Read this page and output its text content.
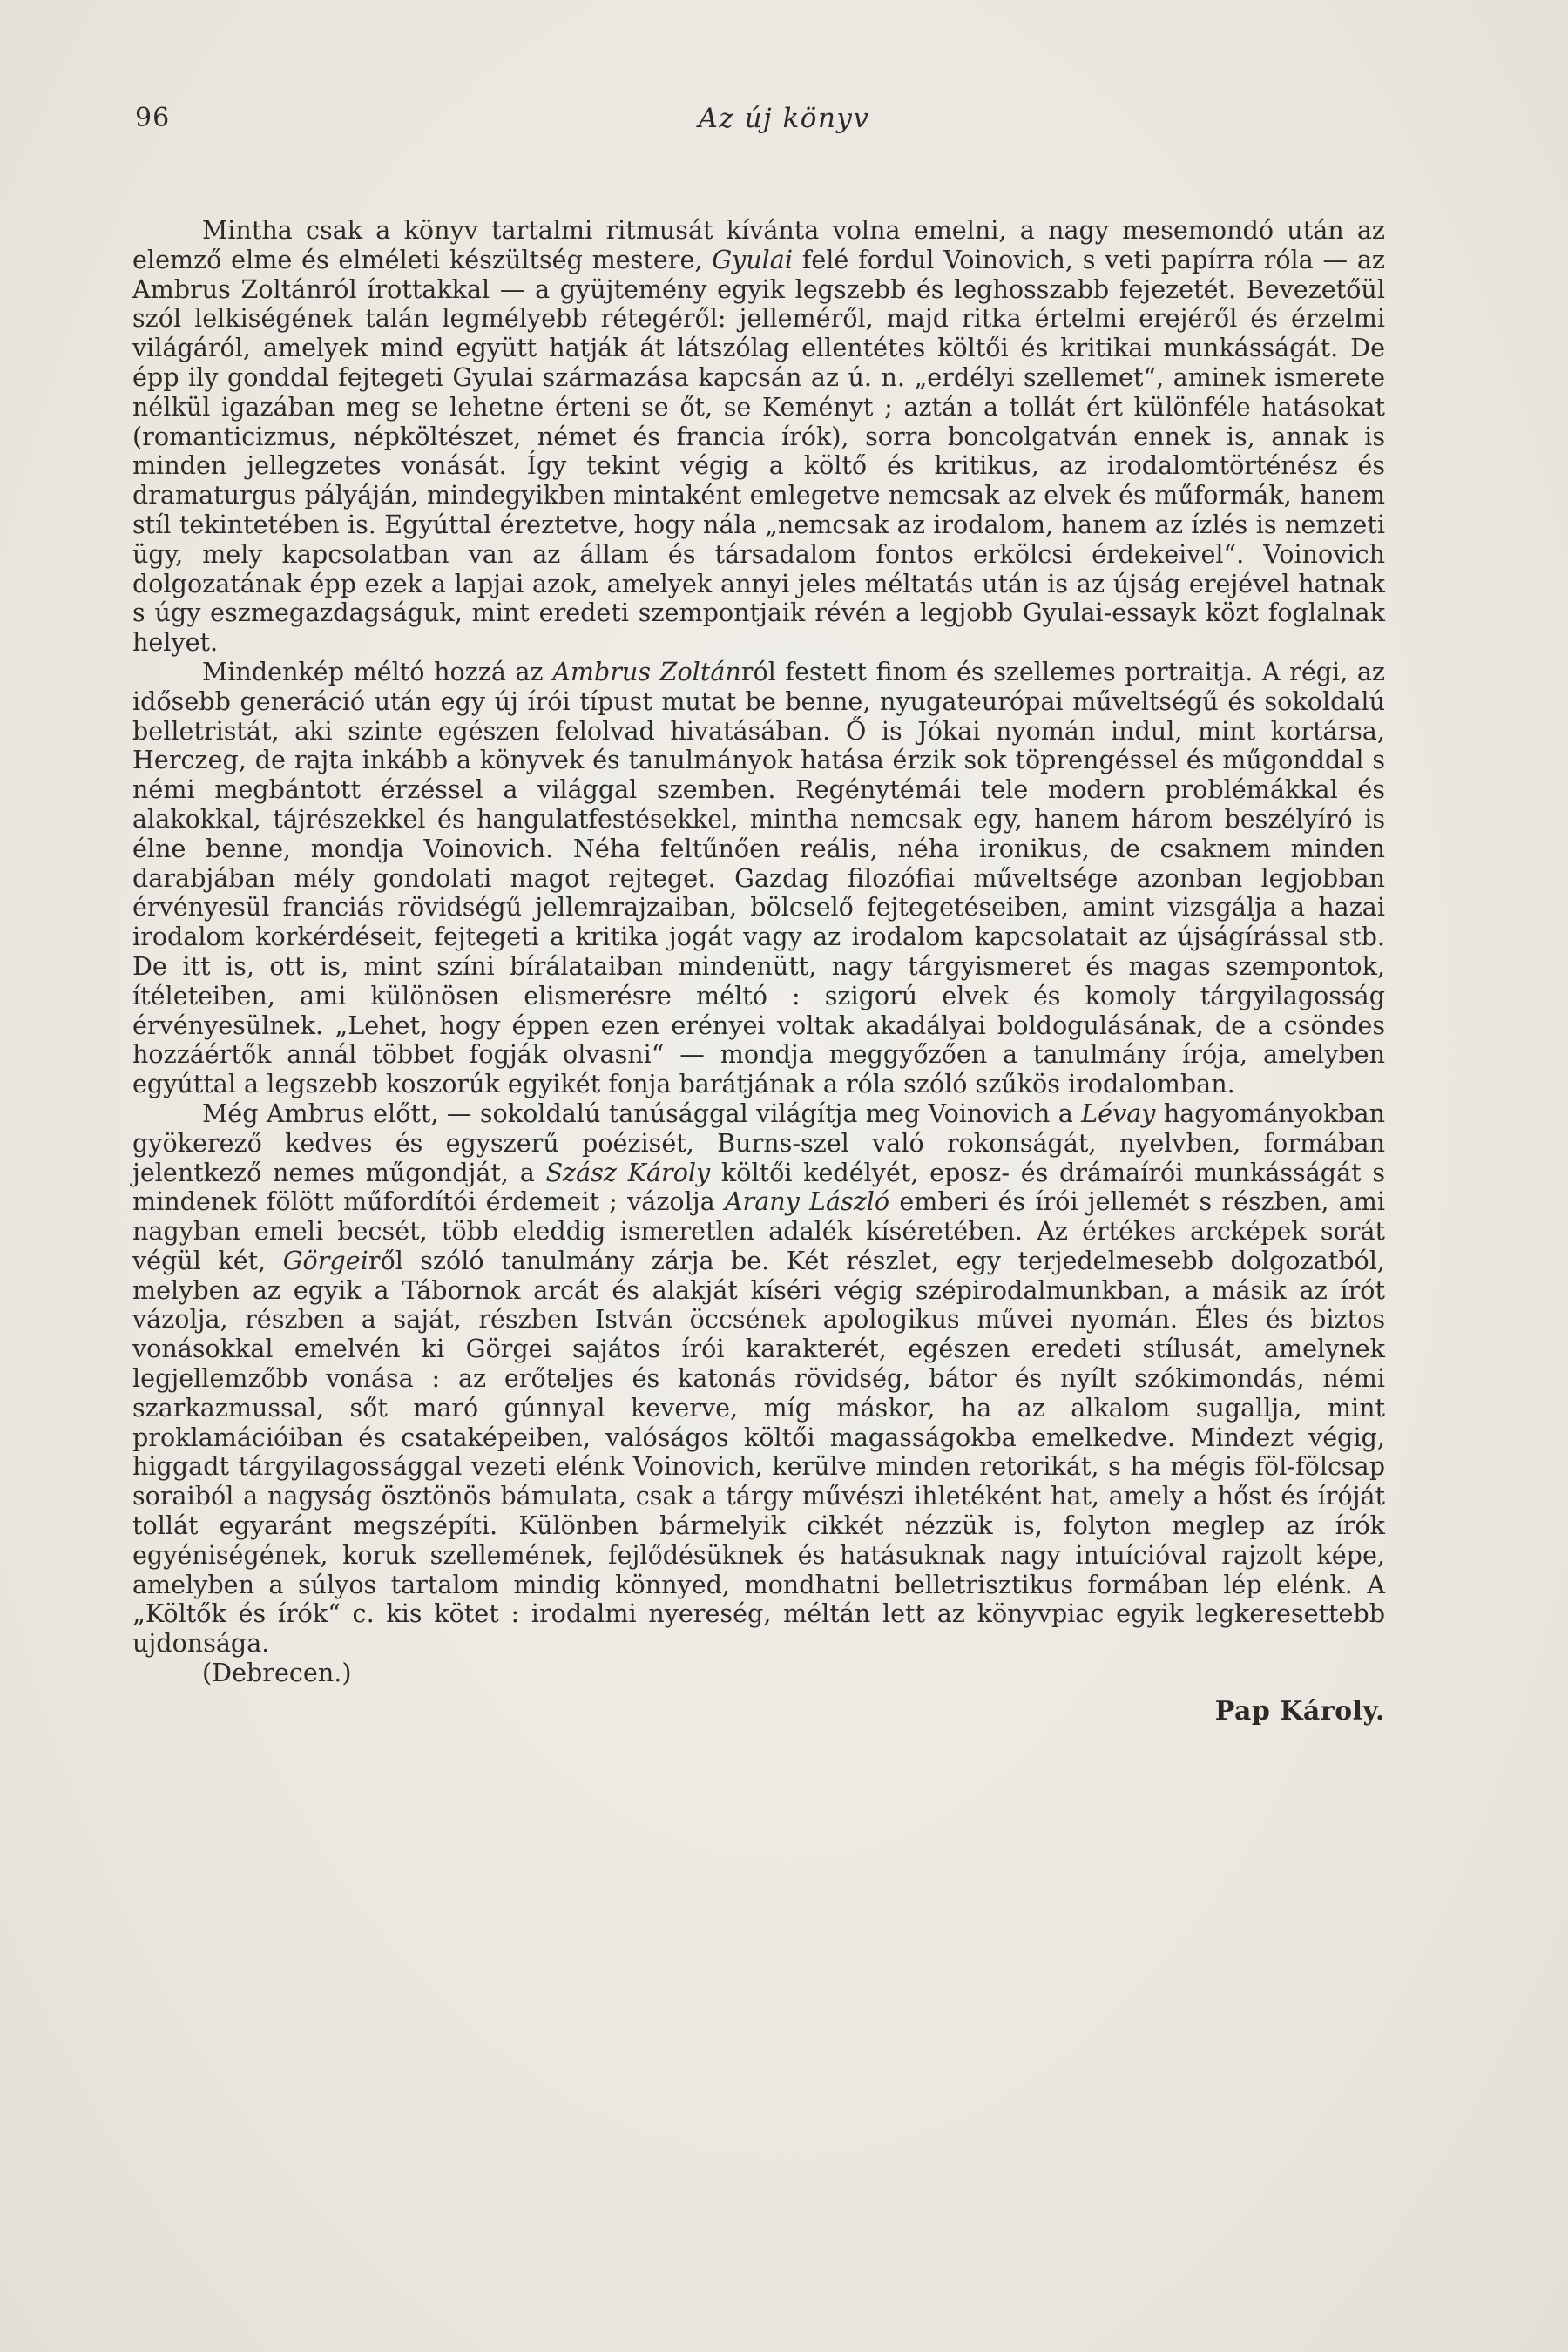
96	Az új könyv

Mintha csak a könyv tartalmi ritmusát kívánta volna emelni, a nagy mesemondó után az elemző elme és elméleti készültség mestere, Gyulai felé fordul Voinovich, s veti papírra róla — az Ambrus Zoltánról írottakkal — a gyüjtemény egyik legszebb és leghosszabb fejezetét. Bevezetőül szól lelkiségének talán legmélyebb rétegéről: jelleméről, majd ritka értelmi erejéről és érzelmi világáról, amelyek mind együtt hatják át látszólag ellentétes költői és kritikai munkásságát. De épp ily gonddal fejtegeti Gyulai származása kapcsán az ú. n. „erdélyi szellemet“, aminek ismerete nélkül igazában meg se lehetne érteni se őt, se Keményt ; aztán a tollát ért különféle hatásokat (romanticizmus, népköltészet, német és francia írók), sorra boncolgatván ennek is, annak is minden jellegzetes vonását. Így tekint végig a költő és kritikus, az irodalomtörténész és dramaturgus pályáján, mindegyikben mintaként emlegetve nemcsak az elvek és műformák, hanem stíl tekintetében is. Egyúttal éreztetve, hogy nála „nemcsak az irodalom, hanem az ízlés is nemzeti ügy, mely kapcsolatban van az állam és társadalom fontos erkölcsi érdekeivel“. Voinovich dolgozatának épp ezek a lapjai azok, amelyek annyi jeles méltatás után is az újság erejével hatnak s úgy eszmegazdagságuk, mint eredeti szempontjaik révén a legjobb Gyulai-essayk közt foglalnak helyet.

Mindenkép méltó hozzá az Ambrus Zoltánról festett finom és szellemes portraitja. A régi, az idősebb generáció után egy új írói típust mutat be benne, nyugateurópai műveltségű és sokoldalú belletristát, aki szinte egészen felolvad hivatásában. Ő is Jókai nyomán indul, mint kortársa, Herczeg, de rajta inkább a könyvek és tanulmányok hatása érzik sok töprengéssel és műgonddal s némi megbántott érzéssel a világgal szemben. Regénytémái tele modern problémákkal és alakokkal, tájrészekkel és hangulatfestésekkel, mintha nemcsak egy, hanem három beszélyíró is élne benne, mondja Voinovich. Néha feltűnően reális, néha ironikus, de csaknem minden darabjában mély gondolati magot rejteget. Gazdag filozófiai műveltsége azonban legjobban érvényesül franciás rövidségű jellemrajzaiban, bölcselő fejtegetéseiben, amint vizsgálja a hazai irodalom korkérdéseit, fejtegeti a kritika jogát vagy az irodalom kapcsolatait az újságírással stb. De itt is, ott is, mint színi bírálataiban mindenütt, nagy tárgyismeret és magas szempontok, ítéleteiben, ami különösen elismerésre méltó : szigorú elvek és komoly tárgyilagosság érvényesülnek. „Lehet, hogy éppen ezen erényei voltak akadályai boldogulásának, de a csöndes hozzáértők annál többet fogják olvasni“ — mondja meggyőzően a tanulmány írója, amelyben egyúttal a legszebb koszorúk egyikét fonja barátjának a róla szóló szűkös irodalomban.

Még Ambrus előtt, — sokoldalú tanúsággal világítja meg Voinovich a Lévay hagyományokban gyökerező kedves és egyszerű poézisét, Burns-szel való rokonságát, nyelvben, formában jelentkező nemes műgondját, a Szász Károly költői kedélyét, eposz- és drámaírói munkásságát s mindenek fölött műfordítói érdemeit ; vázolja Arany László emberi és írói jellemét s részben, ami nagyban emeli becsét, több eleddig ismeretlen adalék kíséretében. Az értékes arcképek sorát végül két, Görgeiről szóló tanulmány zárja be. Két részlet, egy terjedelmesebb dolgozatból, melyben az egyik a Tábornok arcát és alakját kíséri végig szépirodalmunkban, a másik az írót vázolja, részben a saját, részben István öccsének apologikus művei nyomán. Éles és biztos vonásokkal emelvén ki Görgei sajátos írói karakterét, egészen eredeti stílusát, amelynek legjellemzőbb vonása : az erőteljes és katonás rövidség, bátor és nyílt szókimondás, némi szarkazmussal, sőt maró gúnnyal keverve, míg máskor, ha az alkalom sugallja, mint proklamációiban és csataképeiben, valóságos költői magasságokba emelkedve. Mindezt végig, higgadt tárgyilagossággal vezeti elénk Voinovich, kerülve minden retorikát, s ha mégis föl-fölcsap soraiból a nagyság ösztönös bámulata, csak a tárgy művészi ihletéként hat, amely a hőst és íróját tollát egyaránt megszépíti. Különben bármelyik cikkét nézzük is, folyton meglep az írók egyéniségének, koruk szellemének, fejlődésüknek és hatásuknak nagy intuícióval rajzolt képe, amelyben a súlyos tartalom mindig könnyed, mondhatni belletrisztikus formában lép elénk. A „Költők és írók“ c. kis kötet : irodalmi nyereség, méltán lett az könyvpiac egyik legkeresettebb ujdonsága.

(Debrecen.)
Pap Károly.
